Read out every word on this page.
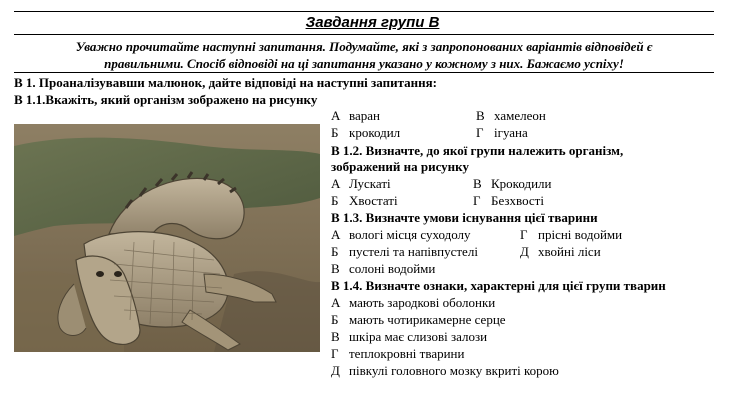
Завдання групи В
Уважно прочитайте наступні запитання. Подумайте, які з запропонованих варіантів відповідей є
правильними. Спосіб відповіді на ці запитання указано у кожному з них. Бажаємо успіху!
В 1. Проаналізувавши малюнок, дайте відповіді на наступні запитання:
В 1.1.Вкажіть, який організм зображено на рисунку
А варан	В хамелеон
Б крокодил	Г ігуана
В 1.2. Визначте, до якої групи належить організм,
зображений на рисунку
А Лускаті	В Крокодили
Б Хвостаті	Г Безхвості
В 1.3. Визначте умови існування цієї тварини
А вологі місця суходолу	Г прісні водойми
Б пустелі та напівпустелі	Д хвойні ліси
В солоні водойми
В 1.4. Визначте ознаки, характерні для цієї групи тварин
А мають зародкові оболонки
Б мають чотирикамерне серце
В шкіра має слизові залози
Г теплокровні тварини
Д півкулі головного мозку вкриті корою
